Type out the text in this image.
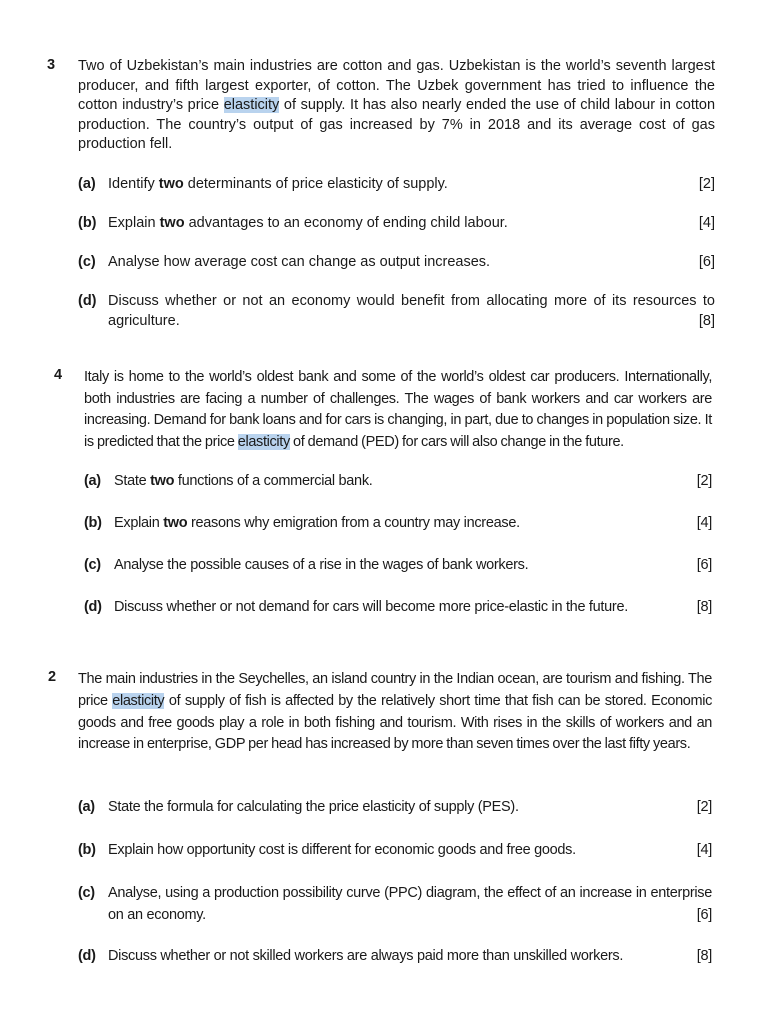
3 Two of Uzbekistan’s main industries are cotton and gas. Uzbekistan is the world’s seventh largest producer, and fifth largest exporter, of cotton. The Uzbek government has tried to influence the cotton industry’s price elasticity of supply. It has also nearly ended the use of child labour in cotton production. The country’s output of gas increased by 7% in 2018 and its average cost of gas production fell.
(a) Identify two determinants of price elasticity of supply.	[2]
(b) Explain two advantages to an economy of ending child labour.	[4]
(c) Analyse how average cost can change as output increases.	[6]
(d) Discuss whether or not an economy would benefit from allocating more of its resources to agriculture.	[8]
4 Italy is home to the world’s oldest bank and some of the world’s oldest car producers. Internationally, both industries are facing a number of challenges. The wages of bank workers and car workers are increasing. Demand for bank loans and for cars is changing, in part, due to changes in population size. It is predicted that the price elasticity of demand (PED) for cars will also change in the future.
(a) State two functions of a commercial bank.	[2]
(b) Explain two reasons why emigration from a country may increase.	[4]
(c) Analyse the possible causes of a rise in the wages of bank workers.	[6]
(d) Discuss whether or not demand for cars will become more price-elastic in the future.	[8]
2 The main industries in the Seychelles, an island country in the Indian ocean, are tourism and fishing. The price elasticity of supply of fish is affected by the relatively short time that fish can be stored. Economic goods and free goods play a role in both fishing and tourism. With rises in the skills of workers and an increase in enterprise, GDP per head has increased by more than seven times over the last fifty years.
(a) State the formula for calculating the price elasticity of supply (PES).	[2]
(b) Explain how opportunity cost is different for economic goods and free goods.	[4]
(c) Analyse, using a production possibility curve (PPC) diagram, the effect of an increase in enterprise on an economy.	[6]
(d) Discuss whether or not skilled workers are always paid more than unskilled workers.	[8]
